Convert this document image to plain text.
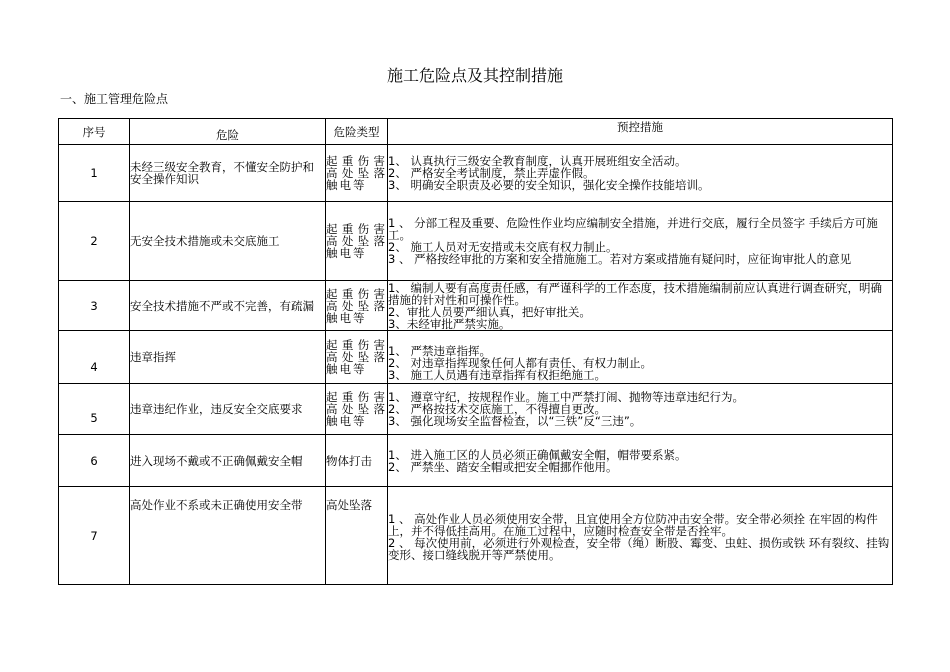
施工危险点及其控制措施
一、施工管理危险点
序号	危险	危险类型	预控措施
1	未经三级安全教育，不懂安全防护和安全操作知识	起重伤害高处坠落触电等	1、 认真执行三级安全教育制度，认真开展班组安全活动。
2、 严格安全考试制度，禁止弄虚作假。
3、 明确安全职责及必要的安全知识，强化安全操作技能培训。

2	无安全技术措施或未交底施工	起重伤害高处坠落触电等	1 、 分部工程及重要、危险性作业均应编制安全措施，并进行交底，履行全员签字 手续后方可施工。
2、 施工人员对无安措或未交底有权力制止。
3 、 严格按经审批的方案和安全措施施工。若对方案或措施有疑问时，应征询审批人的意见

3	安全技术措施不严或不完善，有疏漏	起重伤害高处坠落触电等	1、 编制人要有高度责任感，有严谨科学的工作态度，技术措施编制前应认真进行调查研究，明确措施的针对性和可操作性。
2、审批人员要严细认真，把好审批关。
3、未经审批严禁实施。

4	违章指挥	起重伤害高处坠落触电等	1、 严禁违章指挥。
2、 对违章指挥现象任何人都有责任、有权力制止。
3、 施工人员遇有违章指挥有权拒绝施工。

5	违章违纪作业，违反安全交底要求	起重伤害高处坠落触电等	1、 遵章守纪，按规程作业。施工中严禁打闹、抛物等违章违纪行为。
2、 严格按技术交底施工，不得擅自更改。
3、 强化现场安全监督检查，以“三铁”反“三违”。

6	进入现场不戴或不正确佩戴安全帽	物体打击	1、 进入施工区的人员必须正确佩戴安全帽，帽带要系紧。
2、 严禁坐、踏安全帽或把安全帽挪作他用。

7	高处作业不系或未正确使用安全带	高处坠落	1 、 高处作业人员必须使用安全带，且宜使用全方位防冲击安全带。安全带必须拴 在牢固的构件上，并不得低挂高用。在施工过程中，应随时检查安全带是否拴牢。
2 、 每次使用前，必须进行外观检查，安全带（绳）断股、霉变、虫蛀、损伤或铁 环有裂纹、挂钩变形、接口缝线脱开等严禁使用。
